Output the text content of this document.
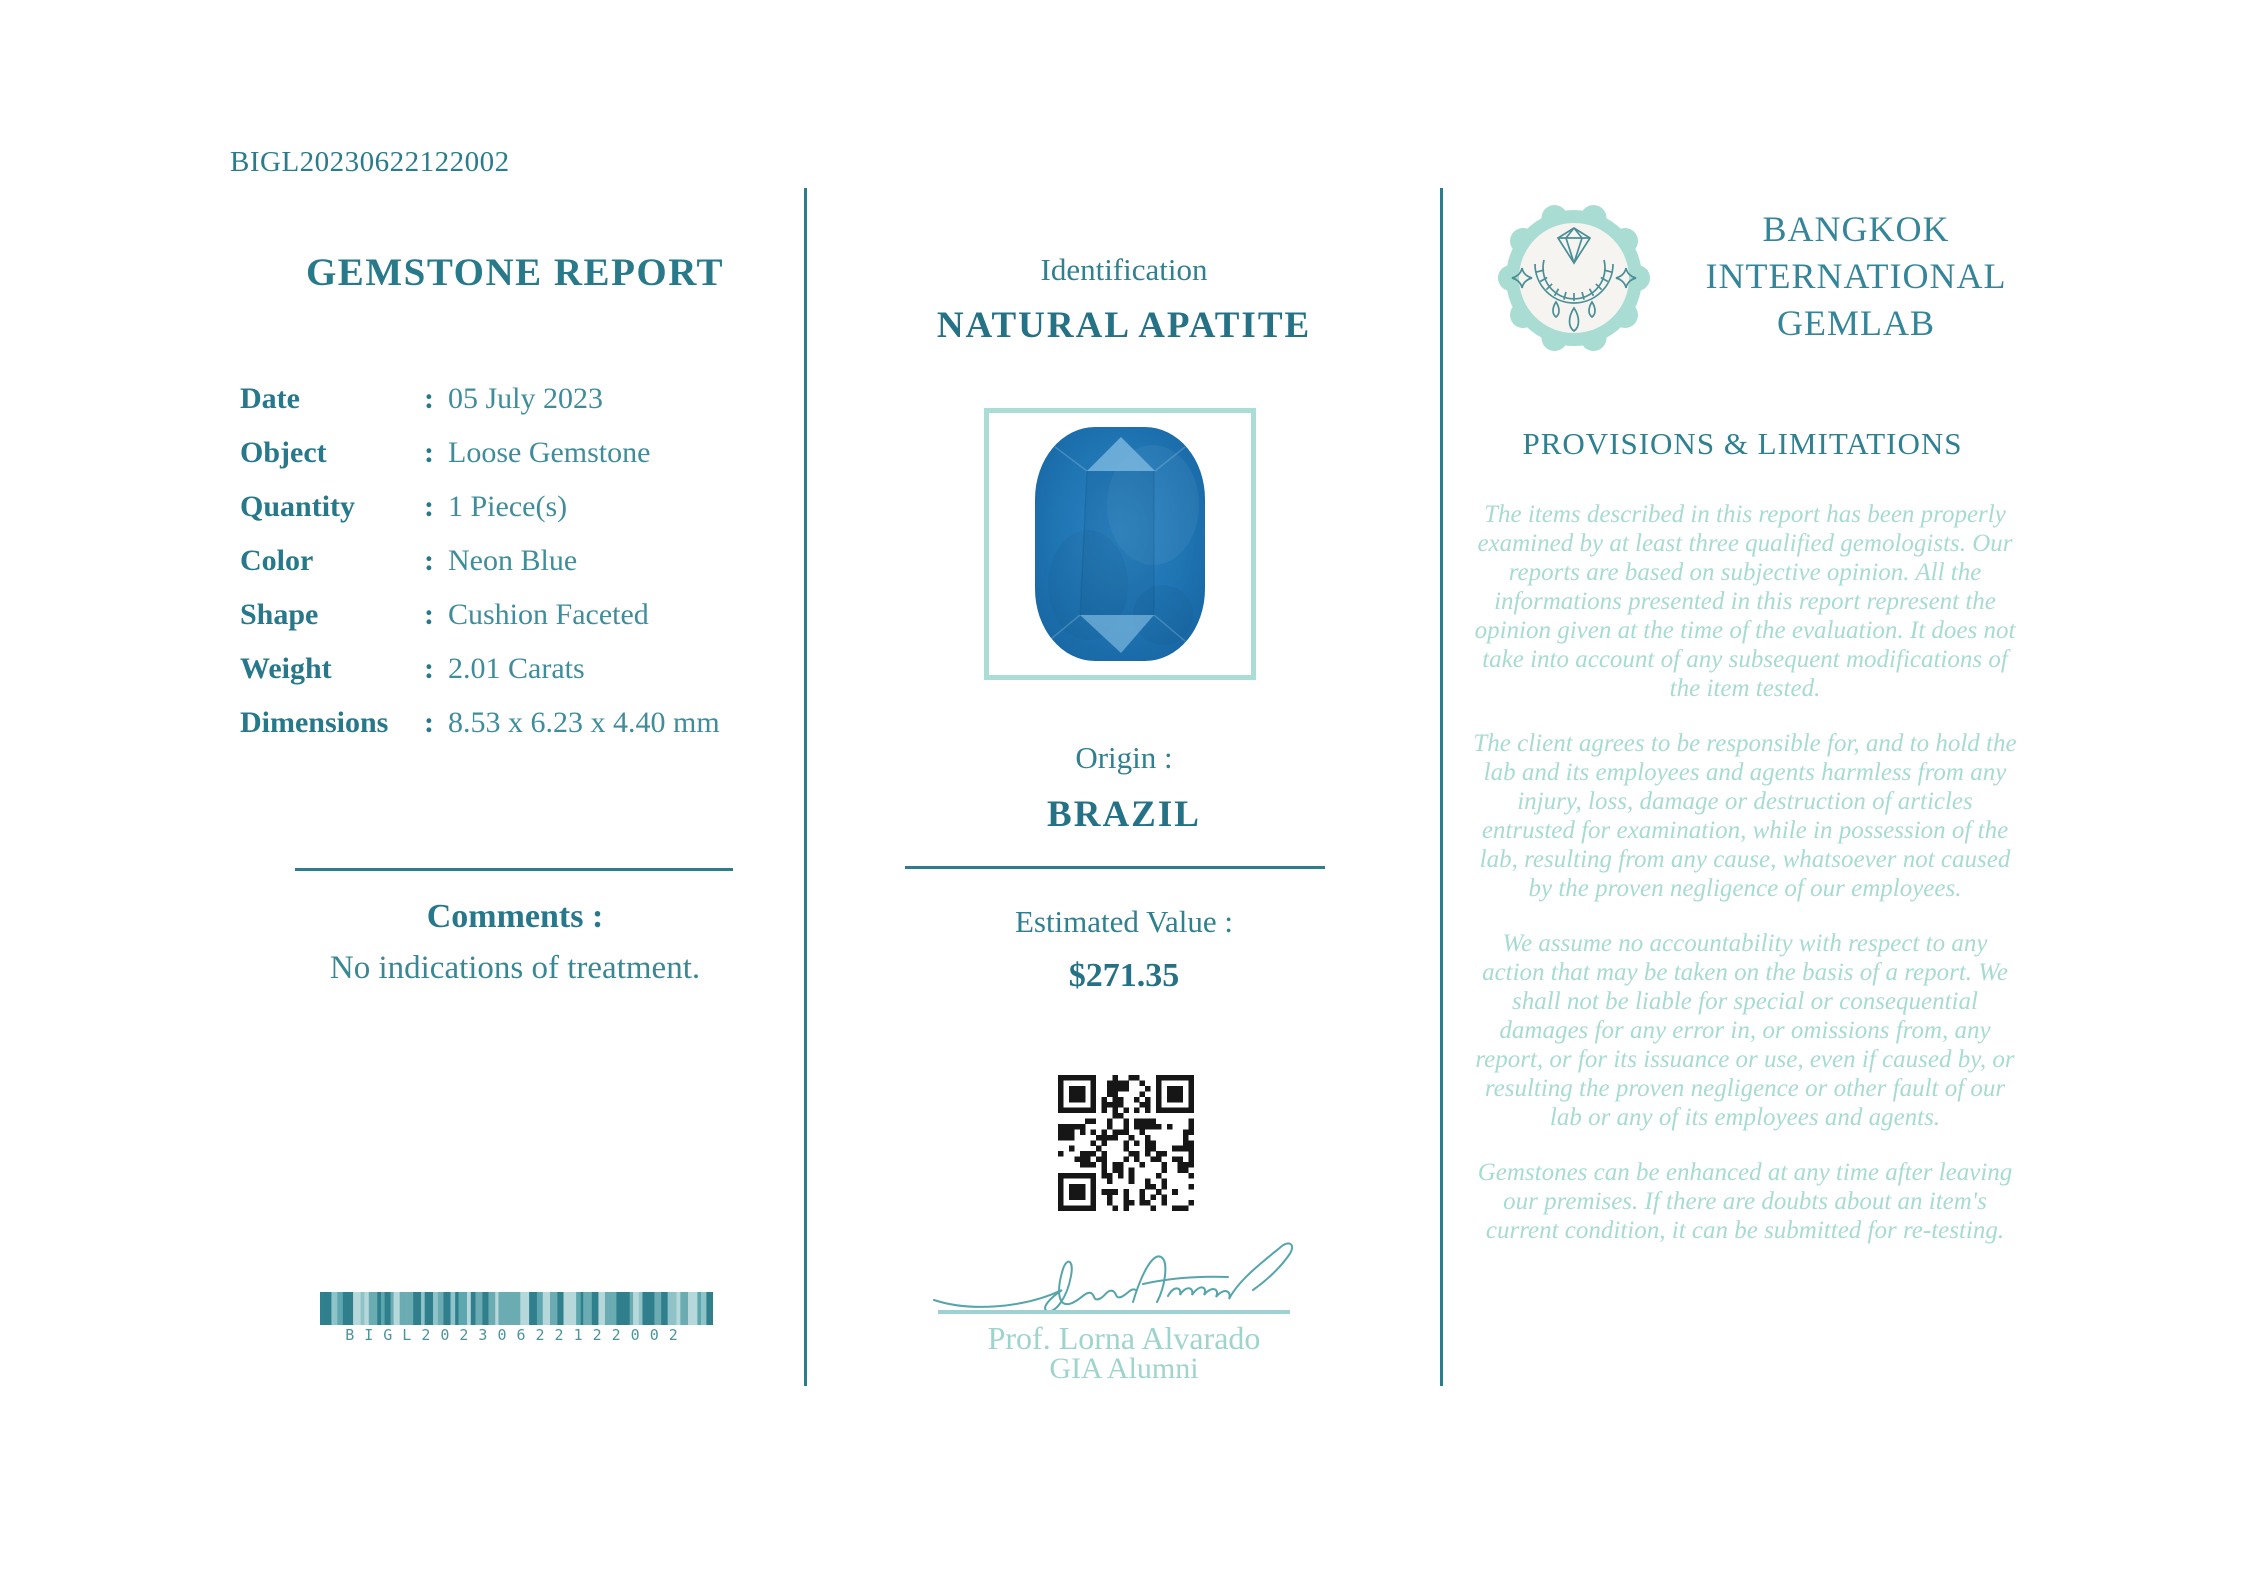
BIGL20230622122002
GEMSTONE REPORT
Date	: 05 July 2023
Object	: Loose Gemstone
Quantity	: 1 Piece(s)
Color	: Neon Blue
Shape	: Cushion Faceted
Weight	: 2.01 Carats
Dimensions	: 8.53 x 6.23 x 4.40 mm
Comments :
No indications of treatment.
BIGL20230622122002
Identification
NATURAL APATITE
Origin :
BRAZIL
Estimated Value :
$271.35
Prof. Lorna Alvarado
GIA Alumni
BANGKOK
INTERNATIONAL
GEMLAB
PROVISIONS & LIMITATIONS

The items described in this report has been properly examined by at least three qualified gemologists. Our reports are based on subjective opinion. All the informations presented in this report represent the opinion given at the time of the evaluation. It does not take into account of any subsequent modifications of the item tested.

The client agrees to be responsible for, and to hold the lab and its employees and agents harmless from any injury, loss, damage or destruction of articles entrusted for examination, while in possession of the lab, resulting from any cause, whatsoever not caused by the proven negligence of our employees.

We assume no accountability with respect to any action that may be taken on the basis of a report. We shall not be liable for special or consequential damages for any error in, or omissions from, any report, or for its issuance or use, even if caused by, or resulting the proven negligence or other fault of our lab or any of its employees and agents.

Gemstones can be enhanced at any time after leaving our premises. If there are doubts about an item's current condition, it can be submitted for re-testing.
